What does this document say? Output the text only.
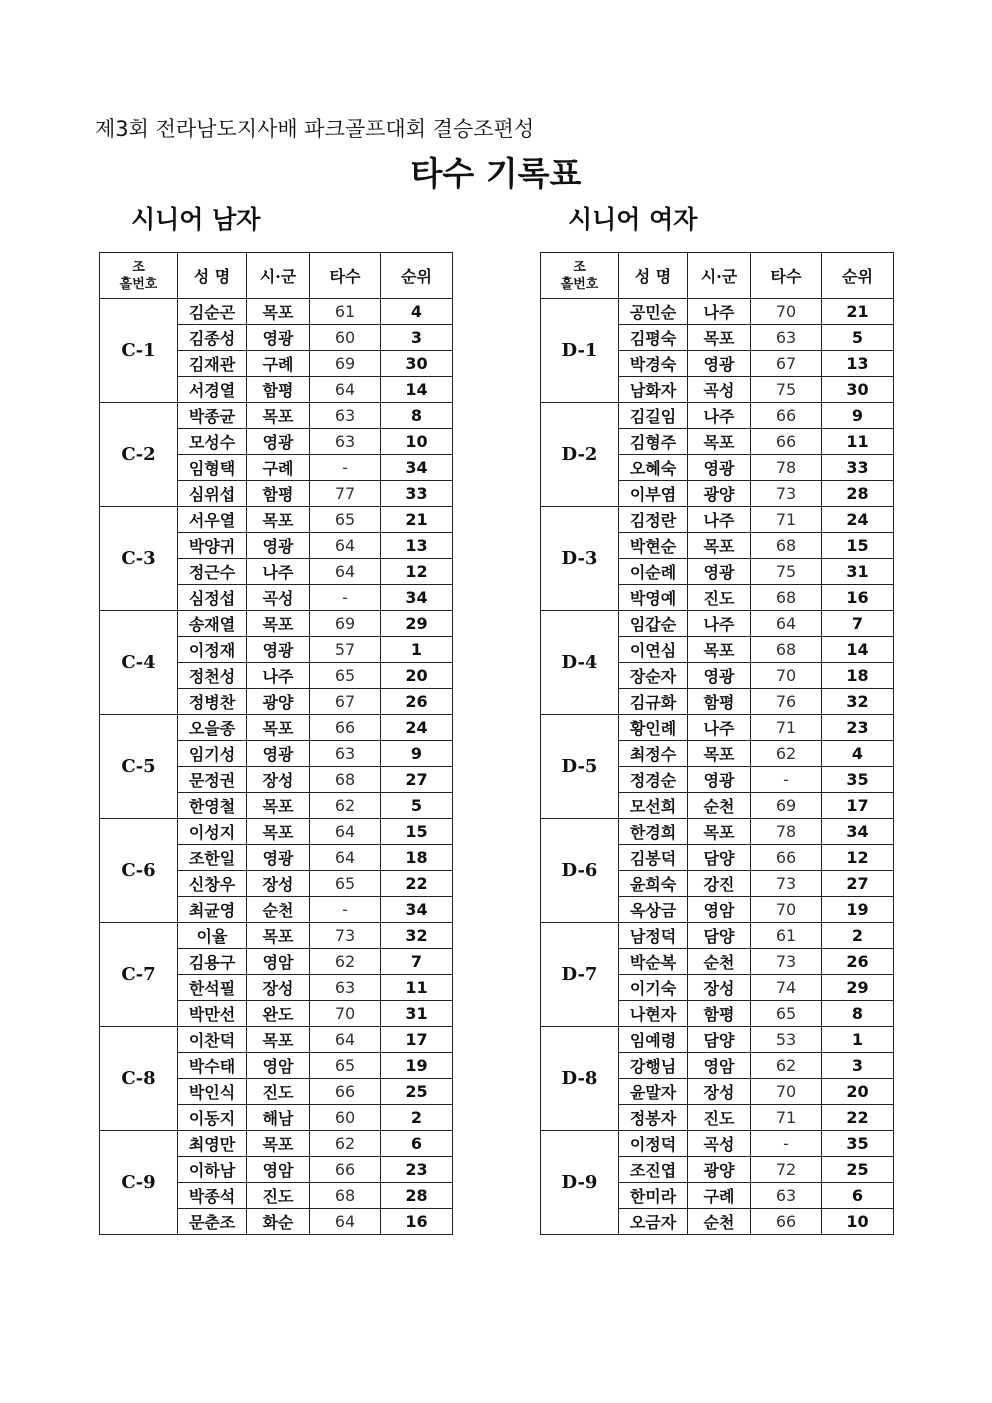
제3회 전라남도지사배 파크골프대회 결승조편성
타수 기록표
시니어 남자	시니어 여자
조
홀번호	성 명	시·군	타수	순위
C-1	김순곤	목포	61	4
	김종성	영광	60	3
	김재관	구례	69	30
	서경열	함평	64	14
C-2	박종균	목포	63	8
	모성수	영광	63	10
	임형택	구례	-	34
	심위섭	함평	77	33
C-3	서우열	목포	65	21
	박양귀	영광	64	13
	정근수	나주	64	12
	심정섭	곡성	-	34
C-4	송재열	목포	69	29
	이정재	영광	57	1
	정천성	나주	65	20
	정병찬	광양	67	26
C-5	오을종	목포	66	24
	임기성	영광	63	9
	문정권	장성	68	27
	한영철	목포	62	5
C-6	이성지	목포	64	15
	조한일	영광	64	18
	신창우	장성	65	22
	최균영	순천	-	34
C-7	이율	목포	73	32
	김용구	영암	62	7
	한석필	장성	63	11
	박만선	완도	70	31
C-8	이찬덕	목포	64	17
	박수태	영암	65	19
	박인식	진도	66	25
	이동지	해남	60	2
C-9	최영만	목포	62	6
	이하남	영암	66	23
	박종석	진도	68	28
	문춘조	화순	64	16
조
홀번호	성 명	시·군	타수	순위
D-1	공민순	나주	70	21
	김평숙	목포	63	5
	박경숙	영광	67	13
	남화자	곡성	75	30
D-2	김길임	나주	66	9
	김형주	목포	66	11
	오혜숙	영광	78	33
	이부염	광양	73	28
D-3	김정란	나주	71	24
	박현순	목포	68	15
	이순례	영광	75	31
	박영예	진도	68	16
D-4	임갑순	나주	64	7
	이연심	목포	68	14
	장순자	영광	70	18
	김규화	함평	76	32
D-5	황인례	나주	71	23
	최정수	목포	62	4
	정경순	영광	-	35
	모선희	순천	69	17
D-6	한경희	목포	78	34
	김봉덕	담양	66	12
	윤희숙	강진	73	27
	옥상금	영암	70	19
D-7	남정덕	담양	61	2
	박순복	순천	73	26
	이기숙	장성	74	29
	나현자	함평	65	8
D-8	임예령	담양	53	1
	강행님	영암	62	3
	윤말자	장성	70	20
	정봉자	진도	71	22
D-9	이정덕	곡성	-	35
	조진엽	광양	72	25
	한미라	구례	63	6
	오금자	순천	66	10
